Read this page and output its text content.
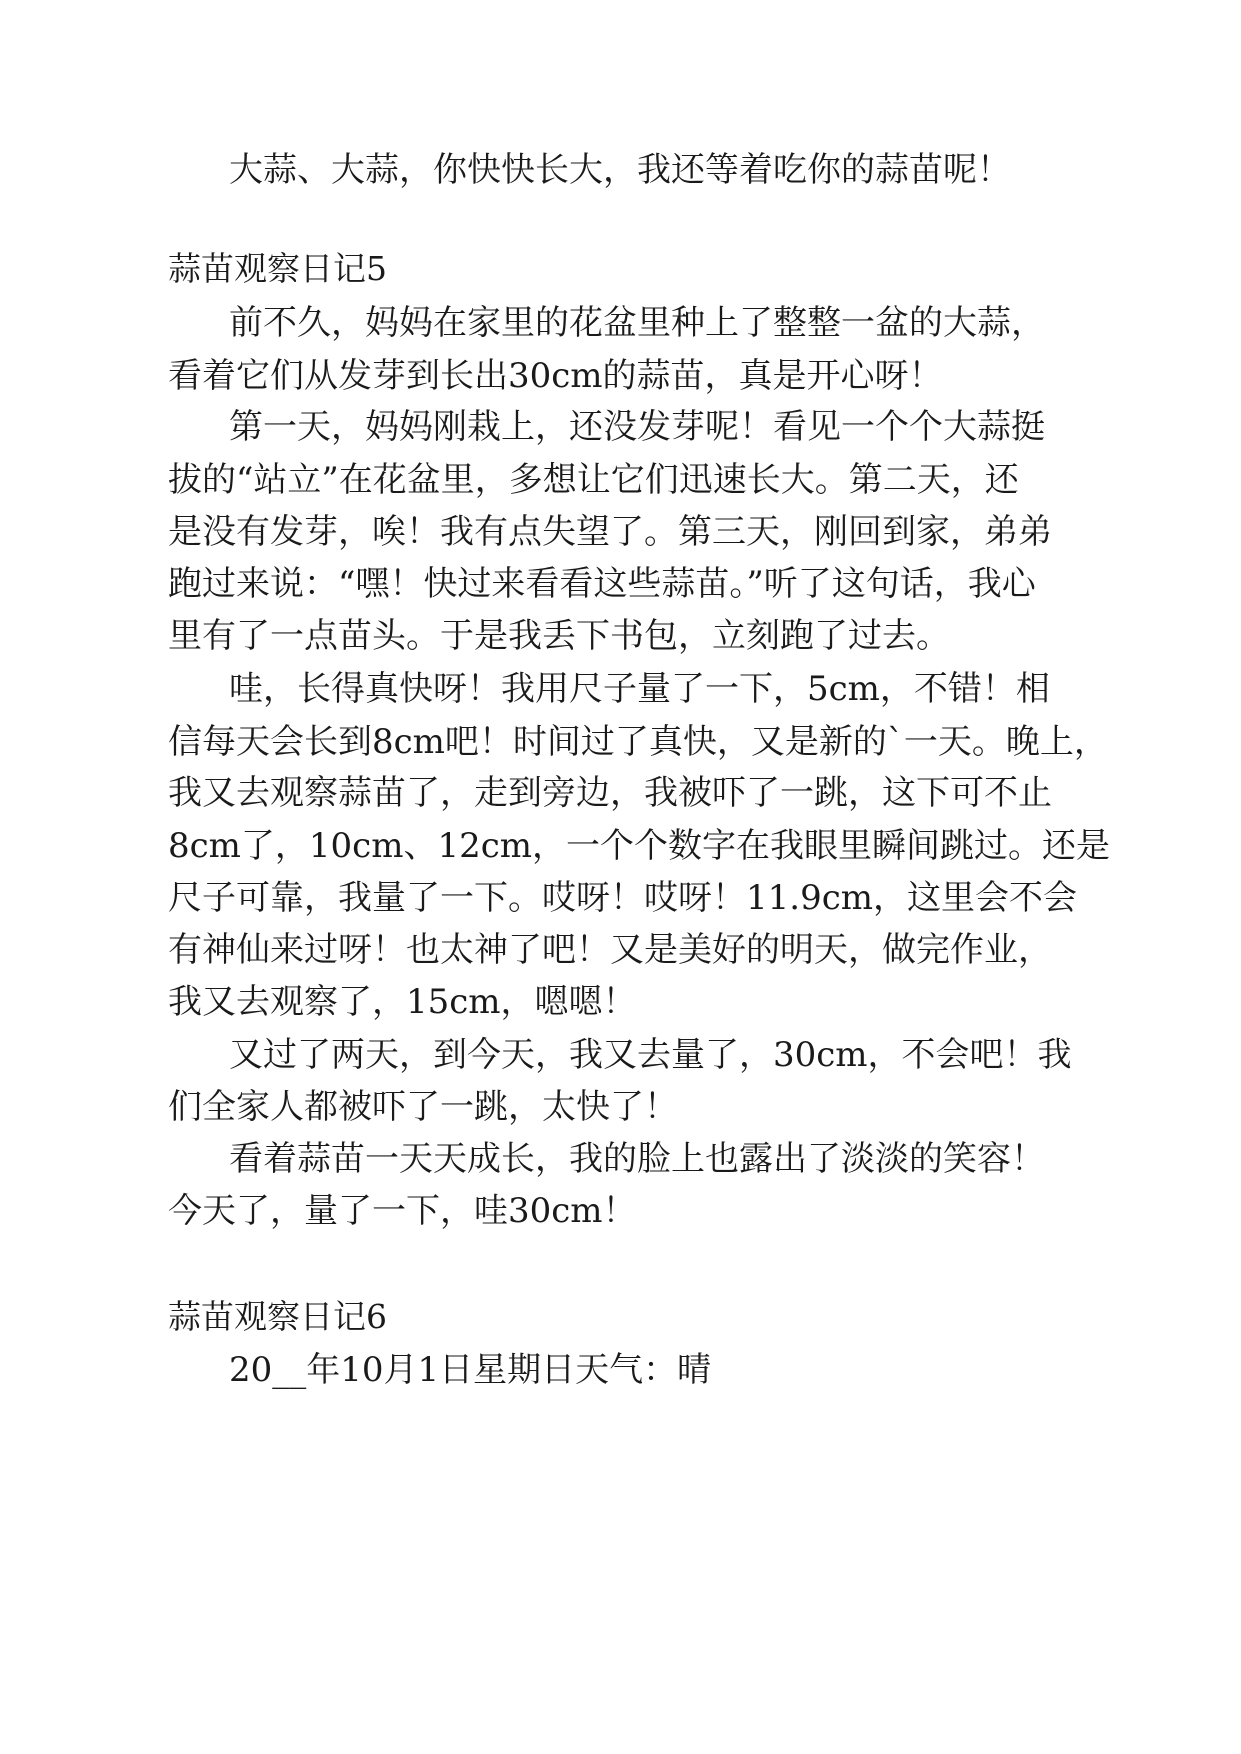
大蒜、大蒜，你快快长大，我还等着吃你的蒜苗呢！

蒜苗观察日记5

前不久，妈妈在家里的花盆里种上了整整一盆的大蒜，

看着它们从发芽到长出30cm的蒜苗，真是开心呀！

第一天，妈妈刚栽上，还没发芽呢！看见一个个大蒜挺

拔的“站立”在花盆里，多想让它们迅速长大。第二天，还

是没有发芽，唉！我有点失望了。第三天，刚回到家，弟弟

跑过来说：“嘿！快过来看看这些蒜苗。”听了这句话，我心

里有了一点苗头。于是我丢下书包，立刻跑了过去。

哇，长得真快呀！我用尺子量了一下，5cm，不错！相

信每天会长到8cm吧！时间过了真快，又是新的`一天。晚上，

我又去观察蒜苗了，走到旁边，我被吓了一跳，这下可不止

8cm了，10cm、12cm，一个个数字在我眼里瞬间跳过。还是

尺子可靠，我量了一下。哎呀！哎呀！11.9cm，这里会不会

有神仙来过呀！也太神了吧！又是美好的明天，做完作业，

我又去观察了，15cm，嗯嗯！

又过了两天，到今天，我又去量了，30cm，不会吧！我

们全家人都被吓了一跳，太快了！

看着蒜苗一天天成长，我的脸上也露出了淡淡的笑容！

今天了，量了一下，哇30cm！

蒜苗观察日记6

20__年10月1日星期日天气：晴
